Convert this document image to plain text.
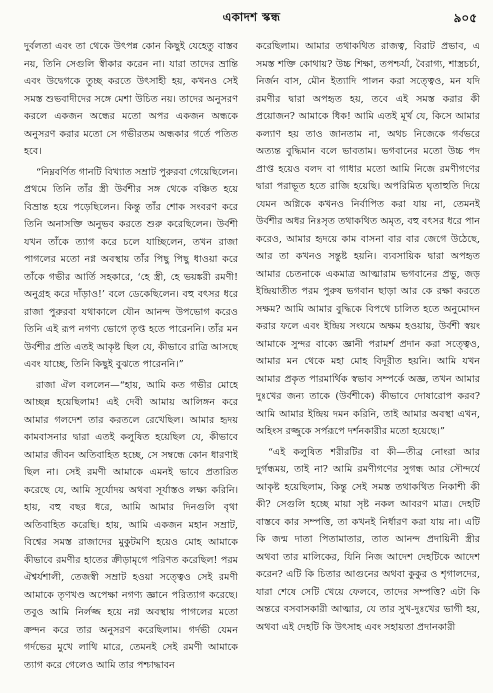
একাদশ স্কন্ধ	৯০৫

দুর্বলতা এবং তা থেকে উৎপন্ন কোন কিছুই যেহেতু বাস্তব নয়, তিনি সেগুলি স্বীকার করেন না। যারা তাদের ভ্রান্তি এবং উদ্বেগকে তুচ্ছ করতে উৎসাহী হয়, কখনও সেই সমস্ত শুভবাদীদের সঙ্গে মেশা উচিত নয়। তাদের অনুসরণ করলে একজন অন্ধের মতো অপর একজন অন্ধকে অনুসরণ করার মতো সে গভীরতম অন্ধকার গর্তে পতিত হবে।

“নিম্নবর্ণিত গানটি বিখ্যাত সম্রাট পুরুরবা গেয়েছিলেন। প্রথমে তিনি তাঁর স্ত্রী উর্বশীর সঙ্গ থেকে বঞ্চিত হয়ে বিভ্রান্ত হয়ে পড়েছিলেন। কিন্তু তাঁর শোক সংবরণ করে তিনি অনাসক্তি অনুভব করতে শুরু করেছিলেন। উর্বশী যখন তাঁকে ত্যাগ করে চলে যাচ্ছিলেন, তখন রাজা পাগলের মতো নগ্ন অবস্থায় তাঁর পিছু পিছু ধাওয়া করে তাঁকে গভীর আর্তি সহকারে, ‘হে স্ত্রী, হে ভয়ঙ্করী রমণী! অনুগ্রহ করে দাঁড়াও!’ বলে ডেকেছিলেন। বহু বৎসর ধরে রাজা পুরুরবা যথাকালে যৌন আনন্দ উপভোগ করেও তিনি এই রূপ নগণ্য ভোগে তৃপ্ত হতে পারেননি। তাঁর মন উর্বশীর প্রতি এতই আকৃষ্ট ছিল যে, কীভাবে রাত্রি আসছে এবং যাচ্ছে, তিনি কিছুই বুঝতে পারেননি।”

রাজা ঐল বললেন—“হায়, আমি কত গভীর মোহে আচ্ছন্ন হয়েছিলাম! এই দেবী আমায় আলিঙ্গন করে আমার গলদেশ তার করতলে রেখেছিল। আমার হৃদয় কামবাসনার দ্বারা এতই কলুষিত হয়েছিল যে, কীভাবে আমার জীবন অতিবাহিত হচ্ছে, সে সম্বন্ধে কোন ধারণাই ছিল না। সেই রমণী আমাকে এমনই ভাবে প্রতারিত করেছে যে, আমি সূর্যোদয় অথবা সূর্যাস্তও লক্ষ্য করিনি। হায়, বহু বছর ধরে, আমি আমার দিনগুলি বৃথা অতিবাহিত করেছি। হায়, আমি একজন মহান সম্রাট, বিশ্বের সমস্ত রাজাদের মুকুটমণি হয়েও মোহ আমাকে কীভাবে রমণীর হাতের ক্রীড়ামৃগে পরিণত করেছিল! পরম ঐশ্বর্যশালী, তেজস্বী সম্রাট হওয়া সত্ত্বেও সেই রমণী আমাকে তৃণখণ্ড অপেক্ষা নগণ্য জ্ঞানে পরিত্যাগ করেছে। তবুও আমি নির্লজ্জ হয়ে নগ্ন অবস্থায় পাগলের মতো ক্রন্দন করে তার অনুসরণ করেছিলাম। গর্দভী যেমন গর্দভের মুখে লাথি মারে, তেমনই সেই রমণী আমাকে ত্যাগ করে গেলেও আমি তার পশ্চাদ্ধাবন

করেছিলাম। আমার তথাকথিত রাজত্ব, বিরাট প্রভাব, এ সমস্ত শক্তি কোথায়? উচ্চ শিক্ষা, তপশ্চর্যা, বৈরাগ্য, শাস্ত্রচর্চা, নির্জন বাস, মৌন ইত্যাদি পালন করা সত্ত্বেও, মন যদি রমণীর দ্বারা অপহৃত হয়, তবে এই সমস্ত করার কী প্রয়োজন? আমাকে ধিক! আমি এতই মূর্খ যে, কিসে আমার কল্যাণ হয় তাও জানতাম না, অথচ নিজেকে গর্বভরে অত্যন্ত বুদ্ধিমান বলে ভাবতাম। ভগবানের মতো উচ্চ পদ প্রাপ্ত হয়েও বলদ বা গাধার মতো আমি নিজে রমণীগণের দ্বারা পরাভূত হতে রাজি হয়েছি। অপরিমিত ঘৃতাহুতি দিয়ে যেমন অগ্নিকে কখনও নির্বাপিত করা যায় না, তেমনই উর্বশীর অধর নিঃসৃত তথাকথিত অমৃত, বহু বৎসর ধরে পান করেও, আমার হৃদয়ে কাম বাসনা বার বার জেগে উঠেছে, আর তা কখনও সন্তুষ্ট হয়নি। ব্যবসায়িক দ্বারা অপহৃত আমার চেতনাকে একমাত্র আত্মারাম ভগবানের প্রভু, জড় ইন্দ্রিয়াতীত পরম পুরুষ ভগবান ছাড়া আর কে রক্ষা করতে সক্ষম? আমি আমার বুদ্ধিকে বিপথে চালিত হতে অনুমোদন করার ফলে এবং ইন্দ্রিয় সংযমে অক্ষম হওয়ায়, উর্বশী স্বয়ং আমাকে সুন্দর বাক্যে জ্ঞানী পরামর্শ প্রদান করা সত্ত্বেও, আমার মন থেকে মহা মোহ বিদূরীত হয়নি। আমি যখন আমার প্রকৃত পারমার্থিক স্বভাব সম্পর্কে অজ্ঞ, তখন আমার দুঃখের জন্য তাকে (উর্বশীকে) কীভাবে দোষারোপ করব? আমি আমার ইন্দ্রিয় দমন করিনি, তাই আমার অবস্থা এখন, অহিংস রজ্জুকে সর্পরূপে দর্শনকারীর মতো হয়েছে।”

“এই কলুষিত শরীরটির বা কী—তীব্র নোংরা আর দুর্গন্ধময়, তাই না? আমি রমণীগণের সুগন্ধ আর সৌন্দর্যে আকৃষ্ট হয়েছিলাম, কিন্তু সেই সমস্ত তথাকথিত নিকাশী কী কী? সেগুলি হচ্ছে মায়া সৃষ্ট নকল আবরণ মাত্র। দেহটি বাস্তবে কার সম্পত্তি, তা কখনই নির্ধারণ করা যায় না। এটি কি জন্ম দাতা পিতামাতার, তাত আনন্দ প্রদায়িনী স্ত্রীর অথবা তার মালিকের, যিনি নিজ আদেশ দেহটিকে আদেশ করেন? এটি কি চিতার আগুনের অথবা কুকুর ও শৃগালদের, যারা শেষে সেটি খেয়ে ফেলবে, তাদের সম্পত্তি? এটা কি অন্তরে বসবাসকারী আত্মার, যে তার সুখ-দুঃখের ভাগী হয়, অথবা এই দেহটি কি উৎসাহ এবং সহায়তা প্রদানকারী
